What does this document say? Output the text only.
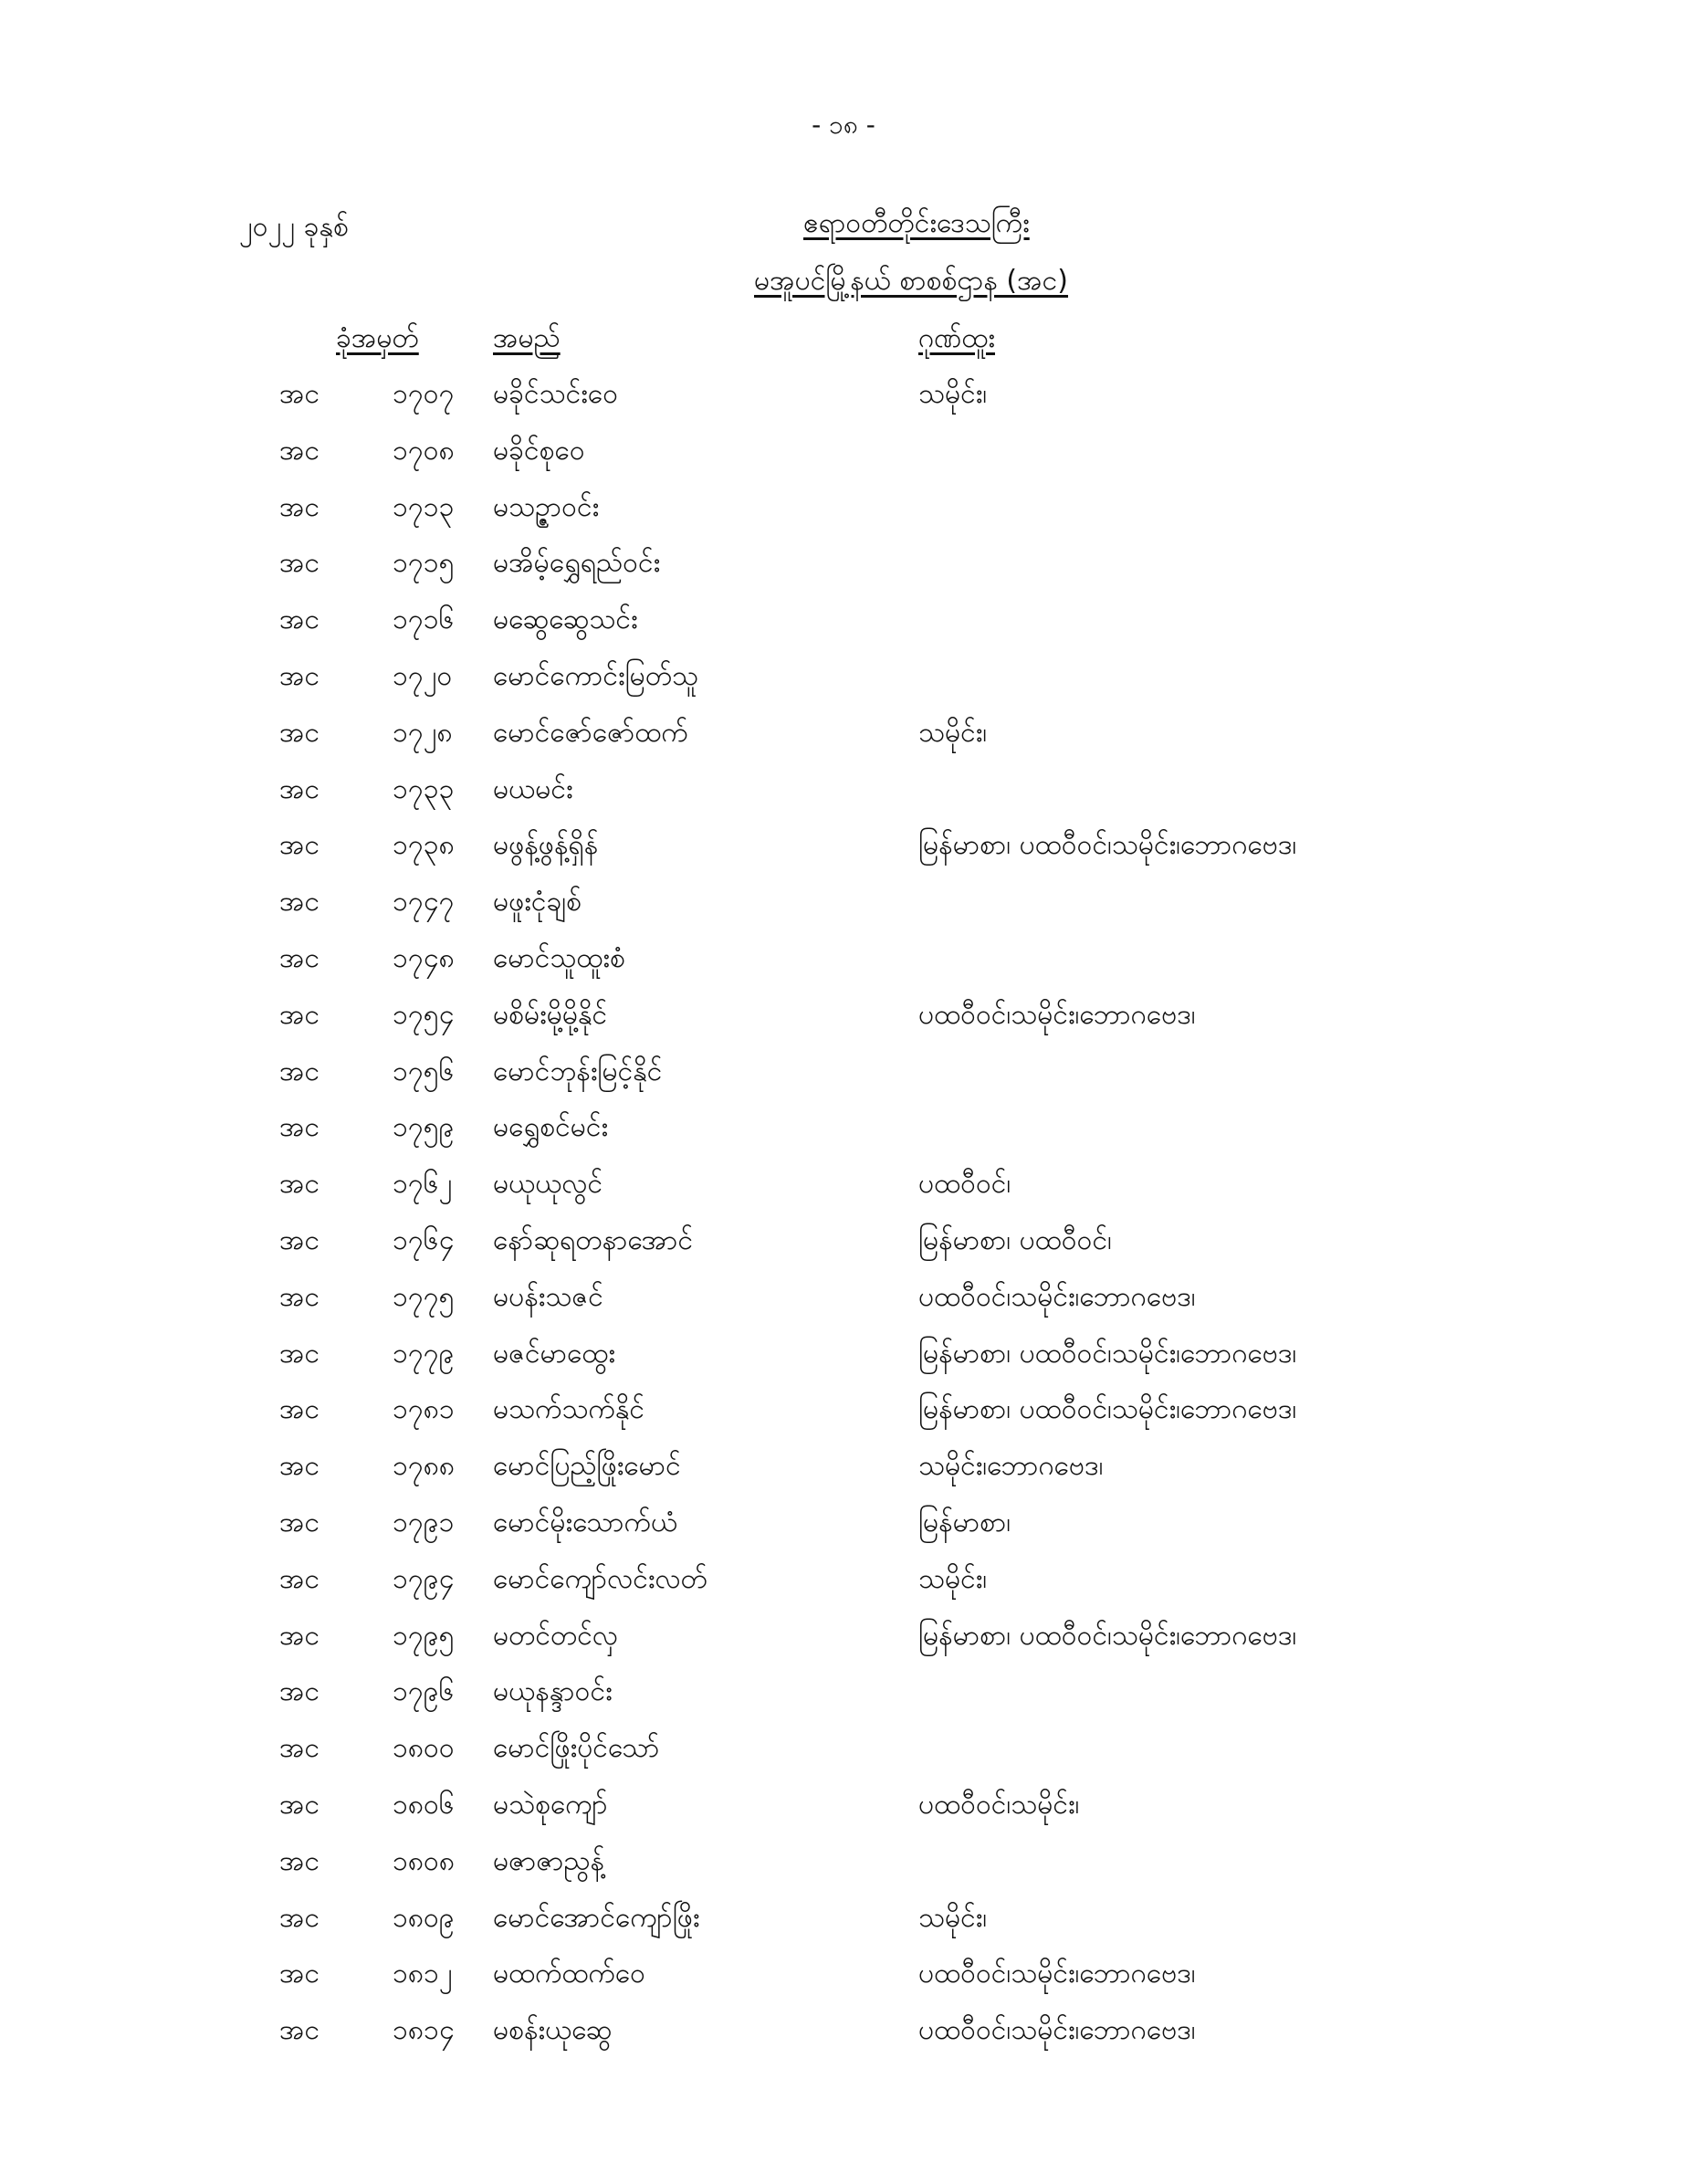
- ၁၈ -
၂၀၂၂ ခုနှစ်	ဧရာဝတီတိုင်းဒေသကြီး
မအူပင်မြို့နယ် စာစစ်ဌာန (အင)
ခုံအမှတ်	အမည်	ဂုဏ်ထူး
အင	၁၇၀၇ မခိုင်သင်းဝေ	သမိုင်း၊
အင	၁၇၀၈ မခိုင်စုဝေ
အင	၁၇၁၃ မသဥ္ဇာဝင်း
အင	၁၇၁၅ မအိမ့်ရွှေရည်ဝင်း
အင	၁၇၁၆ မဆွေဆွေသင်း
အင	၁၇၂၀ မောင်ကောင်းမြတ်သူ
အင	၁၇၂၈ မောင်ဇော်ဇော်ထက်	သမိုင်း၊
အင	၁၇၃၃ မယမင်း
အင	၁၇၃၈ မဖွန့်ဖွန့်ရှိန်	မြန်မာစာ၊ ပထဝီဝင်၊သမိုင်း၊ဘောဂဗေဒ၊
အင	၁၇၄၇ မဖူးငုံချစ်
အင	၁၇၄၈ မောင်သူထူးစံ
အင	၁၇၅၄ မစိမ်းမို့မို့နိုင်	ပထဝီဝင်၊သမိုင်း၊ဘောဂဗေဒ၊
အင	၁၇၅၆ မောင်ဘုန်းမြင့်နိုင်
အင	၁၇၅၉ မရွှေစင်မင်း
အင	၁၇၆၂ မယုယုလွင်	ပထဝီဝင်၊
အင	၁၇၆၄ နော်ဆုရတနာအောင်	မြန်မာစာ၊ ပထဝီဝင်၊
အင	၁၇၇၅ မပန်းသဇင်	ပထဝီဝင်၊သမိုင်း၊ဘောဂဗေဒ၊
အင	၁၇၇၉ မဇင်မာထွေး	မြန်မာစာ၊ ပထဝီဝင်၊သမိုင်း၊ဘောဂဗေဒ၊
အင	၁၇၈၁ မသက်သက်နိုင်	မြန်မာစာ၊ ပထဝီဝင်၊သမိုင်း၊ဘောဂဗေဒ၊
အင	၁၇၈၈ မောင်ပြည့်ဖြိုးမောင်	သမိုင်း၊ဘောဂဗေဒ၊
အင	၁၇၉၁ မောင်မိုးသောက်ယံ	မြန်မာစာ၊
အင	၁၇၉၄ မောင်ကျော်လင်းလတ်	သမိုင်း၊
အင	၁၇၉၅ မတင်တင်လှ	မြန်မာစာ၊ ပထဝီဝင်၊သမိုင်း၊ဘောဂဗေဒ၊
အင	၁၇၉၆ မယုနန္ဒာဝင်း
အင	၁၈၀၀ မောင်ဖြိုးပိုင်သော်
အင	၁၈၀၆ မသဲစုကျော်	ပထဝီဝင်၊သမိုင်း၊
အင	၁၈၀၈ မဇာဇာညွန့်
အင	၁၈၀၉ မောင်အောင်ကျော်ဖြိုး	သမိုင်း၊
အင	၁၈၁၂ မထက်ထက်ဝေ	ပထဝီဝင်၊သမိုင်း၊ဘောဂဗေဒ၊
အင	၁၈၁၄ မစန်းယုဆွေ	ပထဝီဝင်၊သမိုင်း၊ဘောဂဗေဒ၊
